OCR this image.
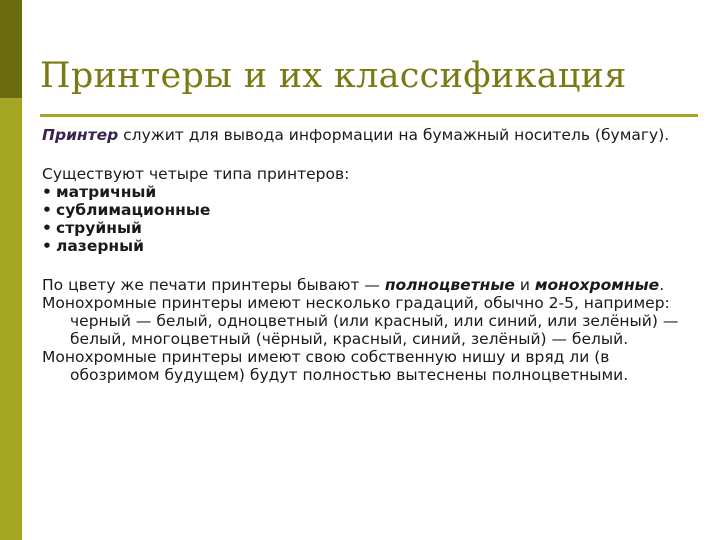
Принтеры и их классификация

Принтер служит для вывода информации на бумажный носитель (бумагу).

Существуют четыре типа принтеров:

• матричный
• сублимационные
• струйный
• лазерный

По цвету же печати принтеры бывают — полноцветные и монохромные.

Монохромные принтеры имеют несколько градаций, обычно 2-5, например: черный — белый, одноцветный (или красный, или синий, или зелёный) — белый, многоцветный (чёрный, красный, синий, зелёный) — белый.

Монохромные принтеры имеют свою собственную нишу и вряд ли (в обозримом будущем) будут полностью вытеснены полноцветными.
